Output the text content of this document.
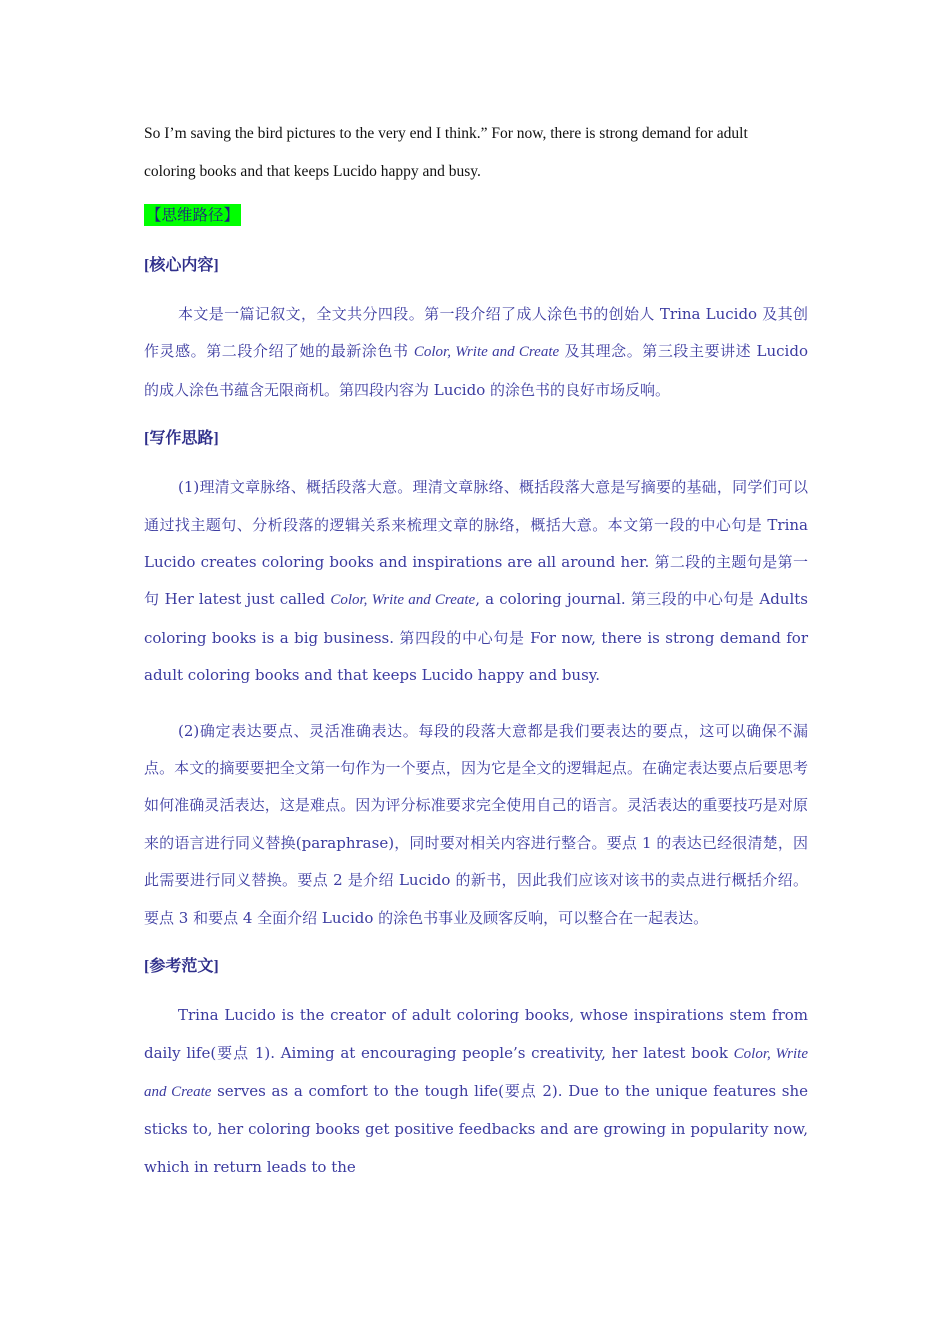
So I’m saving the bird pictures to the very end I think.” For now, there is strong demand for adult
coloring books and that keeps Lucido happy and busy.

【思维路径】

[核心内容]

本文是一篇记叙文，全文共分四段。第一段介绍了成人涂色书的创始人 Trina Lucido 及其创作灵感。第二段介绍了她的最新涂色书 Color, Write and Create 及其理念。第三段主要讲述 Lucido 的成人涂色书蕴含无限商机。第四段内容为 Lucido 的涂色书的良好市场反响。

[写作思路]

(1)理清文章脉络、概括段落大意。理清文章脉络、概括段落大意是写摘要的基础，同学们可以通过找主题句、分析段落的逻辑关系来梳理文章的脉络，概括大意。本文第一段的中心句是 Trina Lucido creates coloring books and inspirations are all around her. 第二段的主题句是第一句 Her latest just called Color, Write and Create, a coloring journal. 第三段的中心句是 Adults coloring books is a big business. 第四段的中心句是 For now, there is strong demand for adult coloring books and that keeps Lucido happy and busy.

(2)确定表达要点、灵活准确表达。每段的段落大意都是我们要表达的要点，这可以确保不漏点。本文的摘要要把全文第一句作为一个要点，因为它是全文的逻辑起点。在确定表达要点后要思考如何准确灵活表达，这是难点。因为评分标准要求完全使用自己的语言。灵活表达的重要技巧是对原来的语言进行同义替换(paraphrase)，同时要对相关内容进行整合。要点 1 的表达已经很清楚，因此需要进行同义替换。要点 2 是介绍 Lucido 的新书，因此我们应该对该书的卖点进行概括介绍。要点 3 和要点 4 全面介绍 Lucido 的涂色书事业及顾客反响，可以整合在一起表达。

[参考范文]

Trina Lucido is the creator of adult coloring books, whose inspirations stem from daily life(要点 1). Aiming at encouraging people’s creativity, her latest book Color, Write and Create serves as a comfort to the tough life(要点 2). Due to the unique features she sticks to, her coloring books get positive feedbacks and are growing in popularity now, which in return leads to the
